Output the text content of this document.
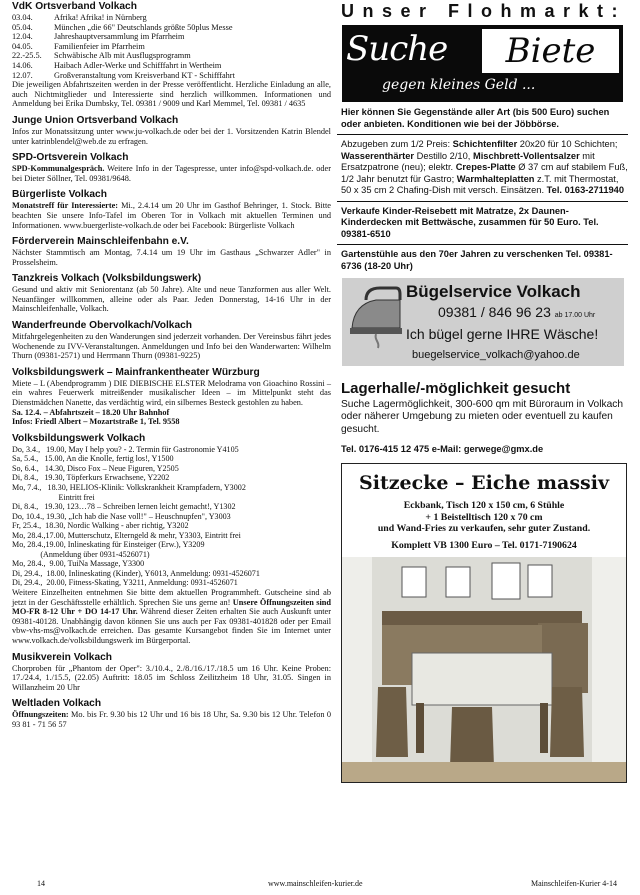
VdK Ortsverband Volkach

03.04.	Afrika! Afrika! in Nürnberg
05.04.	München „die 66" Deutschlands größte 50plus Messe
12.04.	Jahreshauptversammlung im Pfarrheim
04.05.	Familienfeier im Pfarrheim
22.-25.5.	Schwäbische Alb mit Ausflugsprogramm
14.06.	Haibach Adler-Werke und Schifffahrt in Wertheim
12.07.	Großveranstaltung vom Kreisverband KT - Schifffahrt

Die jeweiligen Abfahrtszeiten werden in der Presse veröffentlicht. Herzliche Einladung an alle, auch Nichtmitglieder und Interessierte sind herzlich willkommen. Informationen und Anmeldung bei Erika Dumbsky, Tel. 09381 / 9009 und Karl Memmel, Tel. 09381 / 4635

Junge Union Ortsverband Volkach

Infos zur Monatssitzung unter www.ju-volkach.de oder bei der 1. Vorsitzenden Katrin Blendel unter katrinblendel@web.de zu erfragen.

SPD-Ortsverein Volkach

SPD-Kommunalgespräch. Weitere Info in der Tagespresse, unter info@spd-volkach.de. oder bei Dieter Söllner, Tel. 09381/9648.

Bürgerliste Volkach

Monatstreff für Interessierte: Mi., 2.4.14 um 20 Uhr im Gasthof Behringer, 1. Stock. Bitte beachten Sie unsere Info-Tafel im Oberen Tor in Volkach mit aktuellen Terminen und Informationen. www.buergerliste-volkach.de oder bei Facebook: Bürgerliste Volkach

Förderverein Mainschleifenbahn e.V.

Nächster Stammtisch am Montag, 7.4.14 um 19 Uhr im Gasthaus „Schwarzer Adler" in Prosselsheim.

Tanzkreis Volkach (Volksbildungswerk)

Gesund und aktiv mit Seniorentanz (ab 50 Jahre). Alte und neue Tanzformen aus aller Welt. Neuanfänger willkommen, alleine oder als Paar. Jeden Donnerstag, 14-16 Uhr in der Mainschleifenhalle, Volkach.

Wanderfreunde Obervolkach/Volkach

Mitfahrgelegenheiten zu den Wanderungen sind jederzeit vorhanden. Der Vereinsbus fährt jedes Wochenende zu IVV-Veranstaltungen. Anmeldungen und Info bei den Wanderwarten: Wilhelm Thurn (09381-2571) und Herrmann Thurn (09381-9225)

Volksbildungswerk – Mainfrankentheater Würzburg

Miete – L (Abendprogramm ) DIE DIEBISCHE ELSTER Melodrama von Gioachino Rossini – ein wahres Feuerwerk mitreißender musikalischer Ideen – im Mittelpunkt steht das Dienstmädchen Nanette, das verdächtig wird, ein silbernes Besteck gestohlen zu haben.

Sa. 12.4. – Abfahrtszeit – 18.20 Uhr Bahnhof

Infos: Friedl Albert – Mozartstraße 1, Tel. 9558

Volksbildungswerk Volkach

Do, 3.4.,   19.00, May I help you? - 2. Termin für Gastronomie Y4105
Sa, 5.4.,   15.00, An die Knolle, fertig los!, Y1500
So, 6.4.,   14.30, Disco Fox – Neue Figuren, Y2505
Di, 8.4.,   19.30, Töpferkurs Erwachsene, Y2202
Mo, 7.4.,   18.30, HELIOS-Klinik: Volkskrankheit Krampfadern, Y3002
Eintritt frei
Di, 8.4.,   19.30, 123…78 – Schreiben lernen leicht gemacht!, Y1302
Do, 10.4., 19.30, „Ich hab die Nase voll!" – Heuschnupfen", Y3003
Fr, 25.4.,  18.30, Nordic Walking - aber richtig, Y3202
Mo, 28.4.,17.00, Mutterschutz, Elterngeld & mehr, Y3303, Eintritt frei
Mo, 28.4.,19.00, Inlineskating für Einsteiger (Erw.), Y3209
(Anmeldung über 0931-4526071)
Mo, 28.4.,  9.00, TuiNa Massage, Y3300
Di, 29.4.,  18.00, Inlineskating (Kinder), Y6013, Anmeldung: 0931-4526071
Di, 29.4.,  20.00, Fitness-Skating, Y3211, Anmeldung: 0931-4526071

Weitere Einzelheiten entnehmen Sie bitte dem aktuellen Programmheft. Gutscheine sind ab jetzt in der Geschäftsstelle erhältlich. Sprechen Sie uns gerne an! Unsere Öffnungszeiten sind MO-FR 8-12 Uhr + DO 14-17 Uhr. Während dieser Zeiten erhalten Sie auch Auskunft unter 09381-40128. Unabhängig davon können Sie uns auch per Fax 09381-401828 oder per Email vbw-vhs-ms@volkach.de erreichen. Das gesamte Kursangebot finden Sie im Internet unter www.volkach.de/volksbildungswerk im Bürgerportal.

Musikverein Volkach

Chorproben für „Phantom der Oper": 3./10.4., 2./8./16./17./18.5 um 16 Uhr. Keine Proben: 17./24.4, 1./15.5, (22.05) Auftritt: 18.05 im Schloss Zeilitzheim 18 Uhr, 31.05. Singen in Willanzheim 20 Uhr

Weltladen Volkach

Öffnungszeiten: Mo. bis Fr. 9.30 bis 12 Uhr und 16 bis 18 Uhr, Sa. 9.30 bis 12 Uhr. Telefon 0 93 81 - 71 56 57

Unser Flohmarkt:
Suche	Biete
gegen kleines Geld ...

Hier können Sie Gegenstände aller Art (bis 500 Euro) suchen oder anbieten. Konditionen wie bei der Jöbbörse.

Abzugeben zum 1/2 Preis: Schichtenfilter 20x20 für 10 Schichten; Wasserenthärter Destillo 2/10, Mischbrett-Vollentsalzer mit Ersatzpatrone (neu); elektr. Crepes-Platte Ø 37 cm auf stabilem Fuß, 1/2 Jahr benutzt für Gastro; Warmhalteplatten z.T. mit Thermostat, 50 x 35 cm 2 Chafing-Dish mit versch. Einsätzen. Tel. 0163-2711940

Verkaufe Kinder-Reisebett mit Matratze, 2x Daunen-Kinderdecken mit Bettwäsche, zusammen für 50 Euro. Tel. 09381-6510

Gartenstühle aus den 70er Jahren zu verschenken Tel. 09381-6736 (18-20 Uhr)

Bügelservice Volkach
09381 / 846 96 23 ab 17.00 Uhr
Ich bügel gerne IHRE Wäsche!
buegelservice_volkach@yahoo.de
Lagerhalle/-möglichkeit gesucht

Suche Lagermöglichkeit, 300-600 qm mit Büroraum in Volkach oder näherer Umgebung zu mieten oder eventuell zu kaufen gesucht.

Tel. 0176-415 12 475 e-Mail: gerwege@gmx.de

Sitzecke – Eiche massiv
Eckbank, Tisch 120 x 150 cm, 6 Stühle
+ 1 Beistelltisch 120 x 70 cm
und Wand-Fries zu verkaufen, sehr guter Zustand.
Komplett VB 1300 Euro – Tel. 0171-7190624
14	www.mainschleifen-kurier.de	Mainschleifen-Kurier 4-14
